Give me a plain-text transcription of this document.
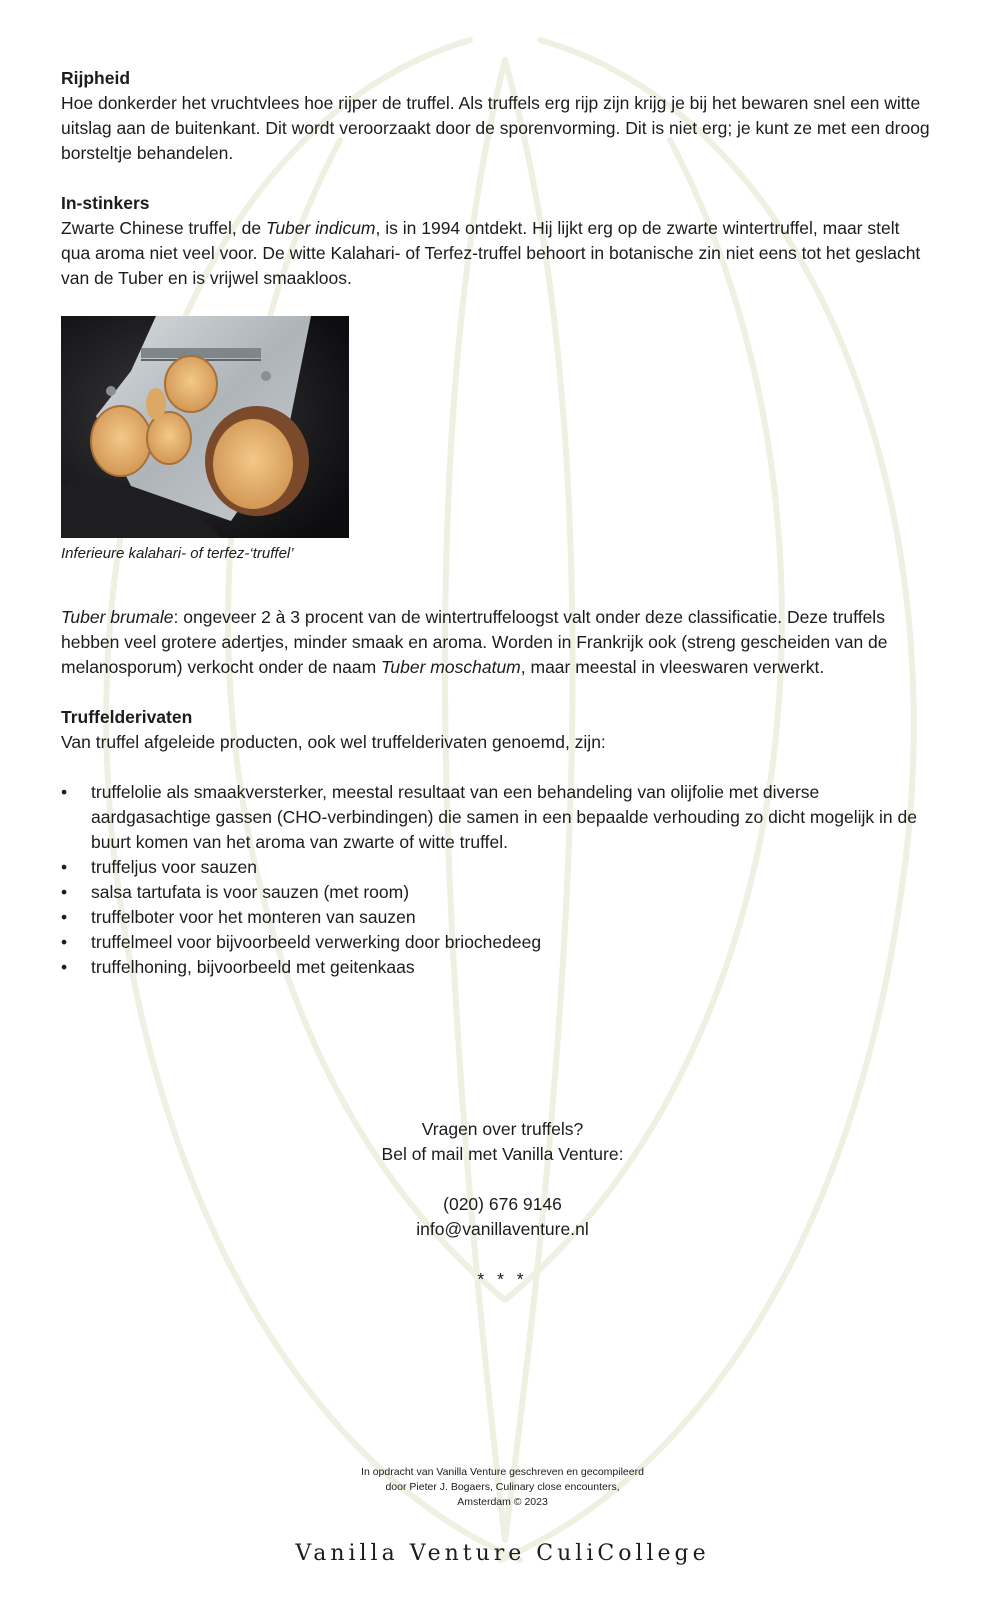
Rijpheid

Hoe donkerder het vruchtvlees hoe rijper de truffel. Als truffels erg rijp zijn krijg je bij het bewaren snel een witte uitslag aan de buitenkant. Dit wordt veroorzaakt door de sporenvorming. Dit is niet erg; je kunt ze met een droog borsteltje behandelen.

In-stinkers

Zwarte Chinese truffel, de Tuber indicum, is in 1994 ontdekt. Hij lijkt erg op de zwarte wintertruffel, maar stelt qua aroma niet veel voor. De witte Kalahari- of Terfez-truffel behoort in botanische zin niet eens tot het geslacht van de Tuber en is vrijwel smaakloos.

Inferieure kalahari- of terfez-‘truffel’

Tuber brumale: ongeveer 2 à 3 procent van de wintertruffeloogst valt onder deze classificatie. Deze truffels hebben veel grotere adertjes, minder smaak en aroma. Worden in Frankrijk ook (streng gescheiden van de melanosporum) verkocht onder de naam Tuber moschatum, maar meestal in vleeswaren verwerkt.

Truffelderivaten

Van truffel afgeleide producten, ook wel truffelderivaten genoemd, zijn:

• truffelolie als smaakversterker, meestal resultaat van een behandeling van olijfolie met diverse aardgasachtige gassen (CHO-verbindingen) die samen in een bepaalde verhouding zo dicht mogelijk in de buurt komen van het aroma van zwarte of witte truffel.
• truffeljus voor sauzen
• salsa tartufata is voor sauzen (met room)
• truffelboter voor het monteren van sauzen
• truffelmeel voor bijvoorbeeld verwerking door briochedeeg
• truffelhoning, bijvoorbeeld met geitenkaas
Vragen over truffels?
Bel of mail met Vanilla Venture:
(020) 676 9146
info@vanillaventure.nl
* * *
In opdracht van Vanilla Venture geschreven en gecompileerd
door Pieter J. Bogaers, Culinary close encounters,
Amsterdam © 2023
Vanilla Venture CuliCollege
